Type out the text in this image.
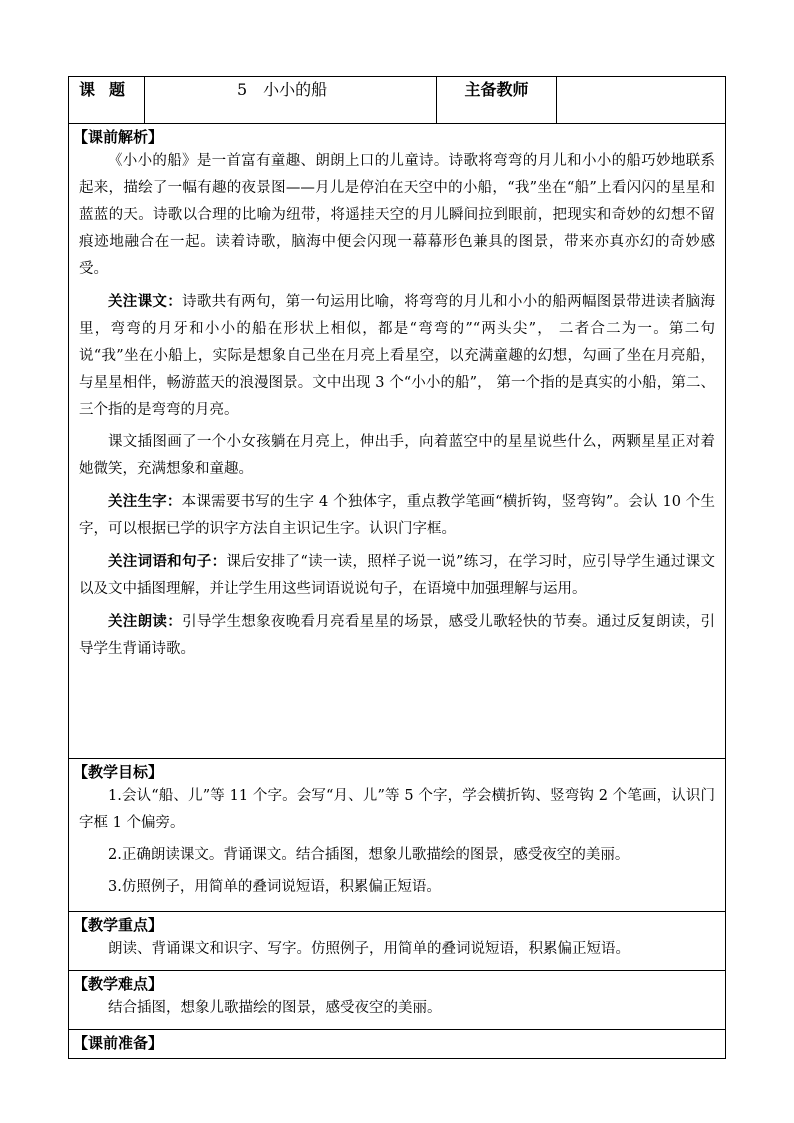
课题	5　小小的船	主备教师	

【课前解析】

《小小的船》是一首富有童趣、朗朗上口的儿童诗。诗歌将弯弯的月儿和小小的船巧妙地联系起来，描绘了一幅有趣的夜景图——月儿是停泊在天空中的小船，“我”坐在“船”上看闪闪的星星和蓝蓝的天。诗歌以合理的比喻为纽带，将遥挂天空的月儿瞬间拉到眼前，把现实和奇妙的幻想不留痕迹地融合在一起。读着诗歌，脑海中便会闪现一幕幕形色兼具的图景，带来亦真亦幻的奇妙感受。

关注课文：诗歌共有两句，第一句运用比喻，将弯弯的月儿和小小的船两幅图景带进读者脑海里，弯弯的月牙和小小的船在形状上相似，都是“弯弯的”“两头尖”， 二者合二为一。第二句说“我”坐在小船上，实际是想象自己坐在月亮上看星空，以充满童趣的幻想，勾画了坐在月亮船，与星星相伴，畅游蓝天的浪漫图景。文中出现 3 个“小小的船”， 第一个指的是真实的小船，第二、三个指的是弯弯的月亮。

课文插图画了一个小女孩躺在月亮上，伸出手，向着蓝空中的星星说些什么，两颗星星正对着她微笑，充满想象和童趣。

关注生字：本课需要书写的生字 4 个独体字，重点教学笔画“横折钩，竖弯钩”。会认 10 个生字，可以根据已学的识字方法自主识记生字。认识门字框。

关注词语和句子：课后安排了“读一读，照样子说一说”练习，在学习时，应引导学生通过课文以及文中插图理解，并让学生用这些词语说说句子，在语境中加强理解与运用。

关注朗读：引导学生想象夜晚看月亮看星星的场景，感受儿歌轻快的节奏。通过反复朗读，引导学生背诵诗歌。

【教学目标】

1.会认“船、儿”等 11 个字。会写“月、儿”等 5 个字，学会横折钩、竖弯钩 2 个笔画，认识门字框 1 个偏旁。

2.正确朗读课文。背诵课文。结合插图，想象儿歌描绘的图景，感受夜空的美丽。

3.仿照例子，用简单的叠词说短语，积累偏正短语。

【教学重点】

朗读、背诵课文和识字、写字。仿照例子，用简单的叠词说短语，积累偏正短语。

【教学难点】

结合插图，想象儿歌描绘的图景，感受夜空的美丽。

【课前准备】
